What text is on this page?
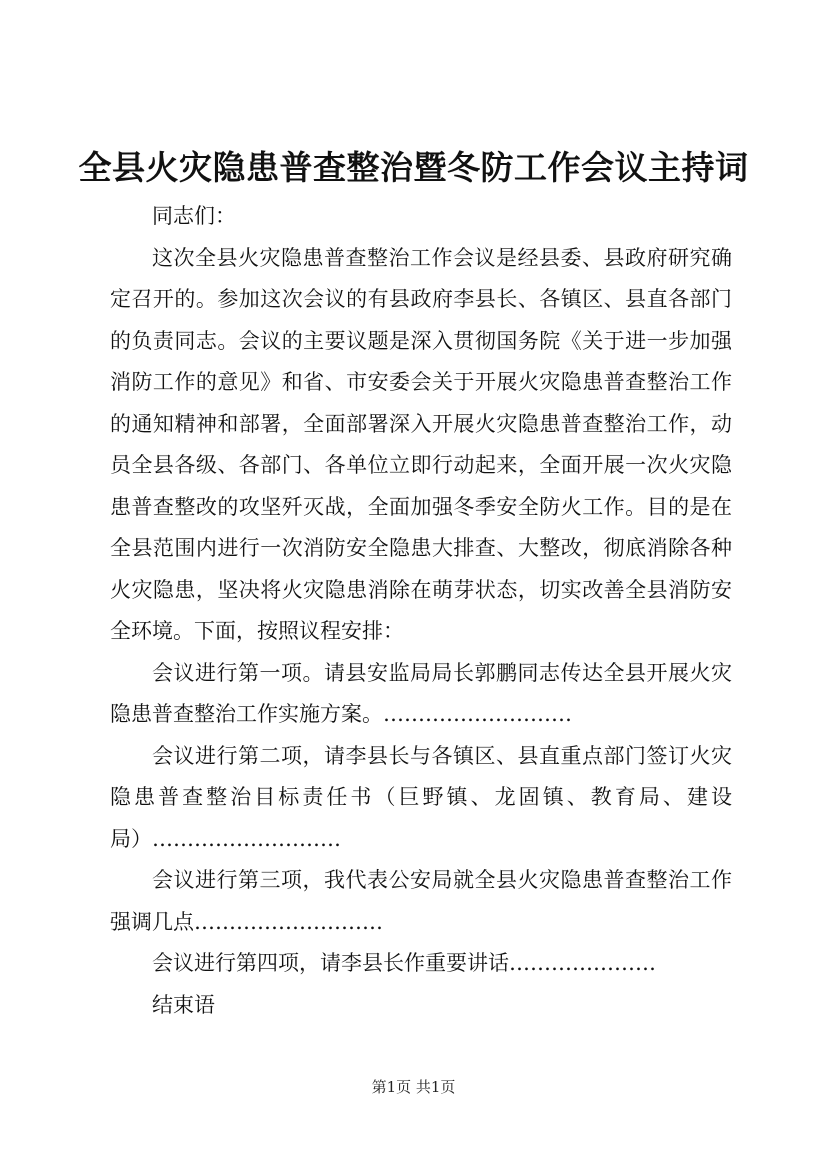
全县火灾隐患普查整治暨冬防工作会议主持词

同志们：

这次全县火灾隐患普查整治工作会议是经县委、县政府研究确定召开的。参加这次会议的有县政府李县长、各镇区、县直各部门的负责同志。会议的主要议题是深入贯彻国务院《关于进一步加强消防工作的意见》和省、市安委会关于开展火灾隐患普查整治工作的通知精神和部署，全面部署深入开展火灾隐患普查整治工作，动员全县各级、各部门、各单位立即行动起来，全面开展一次火灾隐患普查整改的攻坚歼灭战，全面加强冬季安全防火工作。目的是在全县范围内进行一次消防安全隐患大排查、大整改，彻底消除各种火灾隐患，坚决将火灾隐患消除在萌芽状态，切实改善全县消防安全环境。下面，按照议程安排：

会议进行第一项。请县安监局局长郭鹏同志传达全县开展火灾隐患普查整治工作实施方案。………………………

会议进行第二项，请李县长与各镇区、县直重点部门签订火灾隐患普查整治目标责任书（巨野镇、龙固镇、教育局、建设局）………………………

会议进行第三项，我代表公安局就全县火灾隐患普查整治工作强调几点………………………

会议进行第四项，请李县长作重要讲话…………………

结束语

第1页 共1页
